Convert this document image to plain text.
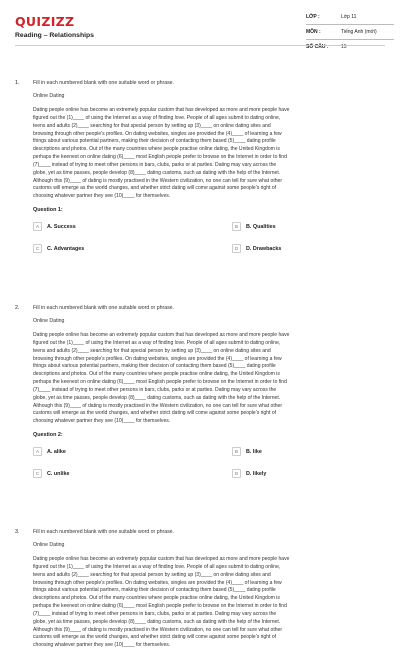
QUIZIZZ
Reading – Relationships
LỚP :	Lớp 11
MÔN :	Tiếng Anh (mới)
SỐ CÂU :	15
1.	Fill in each numbered blank with one suitable word or phrase.
Online Dating
Dating people online has become an extremely popular custom that has developed as more and more people have
figured out the (1)____ of using the Internet as a way of finding love. People of all ages submit to dating online,
teens and adults (2)____ searching for that special person by setting up (3)____ on online dating sites and
browsing through other people's profiles. On dating websites, singles are provided the (4)____ of learning a few
things about various potential partners, making their decision of contacting them based (5)____ dating profile
descriptions and photos. Out of the many countries where people practise online dating, the United Kingdom is
perhaps the keenest on online dating (6)____ most English people prefer to browse on the Internet in order to find
(7)____ instead of trying to meet other persons in bars, clubs, parks or at parties. Dating may vary across the
globe, yet as time passes, people develop (8)____ dating customs, such as dating with the help of the Internet.
Although this (9)____ of dating is mostly practised in the Western civilization, no one can tell for sure what other
customs will emerge as the world changes, and whether strict dating will come against some people's right of
choosing whatever partner they see (10)____ for themselves.
Question 1:
A	A. Success	B	B. Qualities
C	C. Advantages	D	D. Drawbacks
2.	Fill in each numbered blank with one suitable word or phrase.
Online Dating
Dating people online has become an extremely popular custom that has developed as more and more people have
figured out the (1)____ of using the Internet as a way of finding love. People of all ages submit to dating online,
teens and adults (2)____ searching for that special person by setting up (3)____ on online dating sites and
browsing through other people's profiles. On dating websites, singles are provided the (4)____ of learning a few
things about various potential partners, making their decision of contacting them based (5)____ dating profile
descriptions and photos. Out of the many countries where people practise online dating, the United Kingdom is
perhaps the keenest on online dating (6)____ most English people prefer to browse on the Internet in order to find
(7)____ instead of trying to meet other persons in bars, clubs, parks or at parties. Dating may vary across the
globe, yet as time passes, people develop (8)____ dating customs, such as dating with the help of the Internet.
Although this (9)____ of dating is mostly practised in the Western civilization, no one can tell for sure what other
customs will emerge as the world changes, and whether strict dating will come against some people's right of
choosing whatever partner they see (10)____ for themselves.
Question 2:
A	A. alike	B	B. like
C	C. unlike	D	D. likely
3.	Fill in each numbered blank with one suitable word or phrase.
Online Dating
Dating people online has become an extremely popular custom that has developed as more and more people have
figured out the (1)____ of using the Internet as a way of finding love. People of all ages submit to dating online,
teens and adults (2)____ searching for that special person by setting up (3)____ on online dating sites and
browsing through other people's profiles. On dating websites, singles are provided the (4)____ of learning a few
things about various potential partners, making their decision of contacting them based (5)____ dating profile
descriptions and photos. Out of the many countries where people practise online dating, the United Kingdom is
perhaps the keenest on online dating (6)____ most English people prefer to browse on the Internet in order to find
(7)____ instead of trying to meet other persons in bars, clubs, parks or at parties. Dating may vary across the
globe, yet as time passes, people develop (8)____ dating customs, such as dating with the help of the Internet.
Although this (9)____ of dating is mostly practised in the Western civilization, no one can tell for sure what other
customs will emerge as the world changes, and whether strict dating will come against some people's right of
choosing whatever partner they see (10)____ for themselves.
